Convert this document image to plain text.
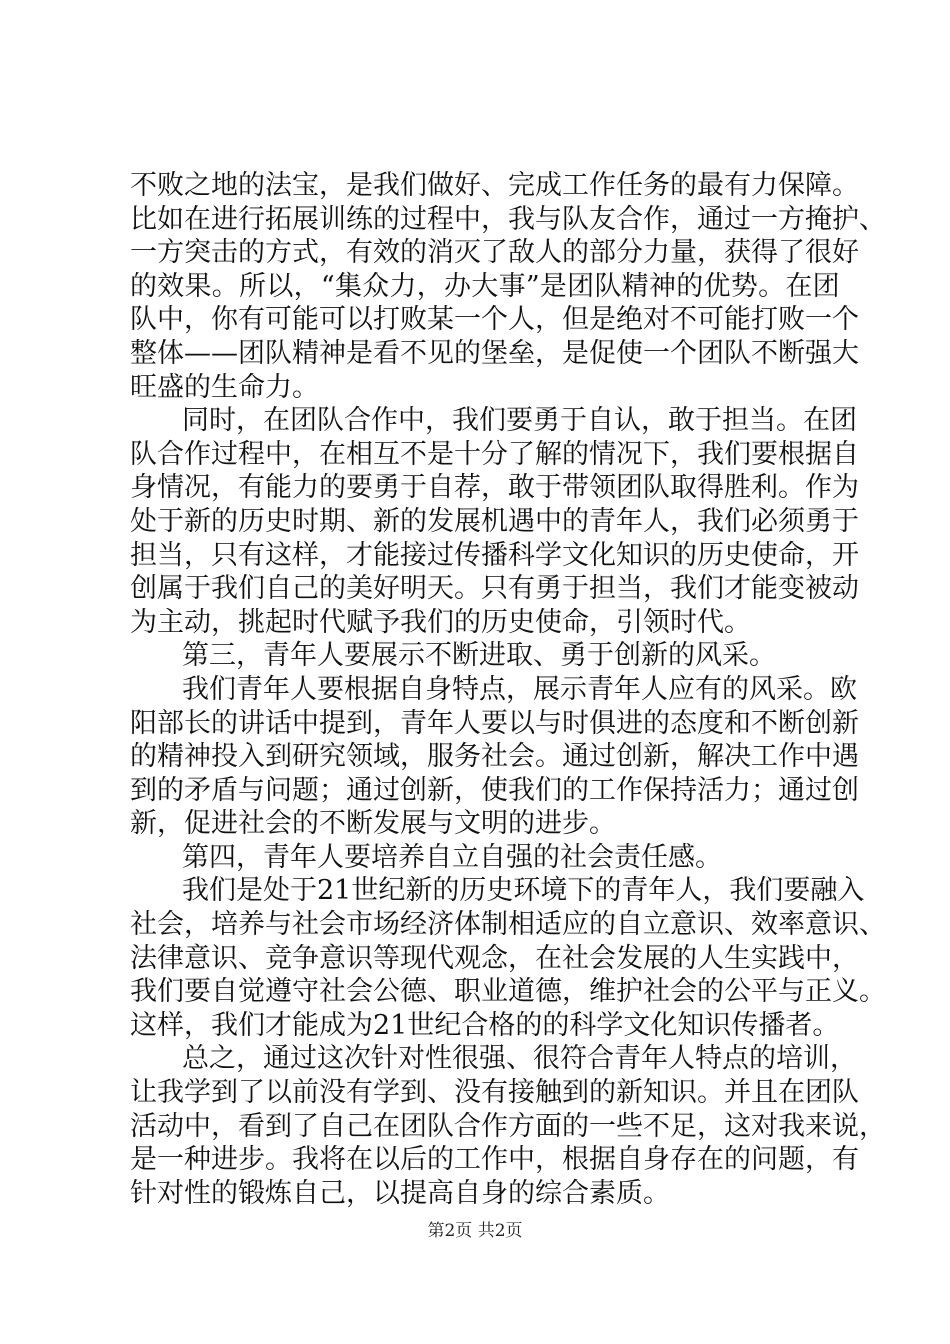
不败之地的法宝，是我们做好、完成工作任务的最有力保障。
比如在进行拓展训练的过程中，我与队友合作，通过一方掩护、
一方突击的方式，有效的消灭了敌人的部分力量，获得了很好
的效果。所以，“集众力，办大事”是团队精神的优势。在团
队中，你有可能可以打败某一个人，但是绝对不可能打败一个
整体——团队精神是看不见的堡垒，是促使一个团队不断强大
旺盛的生命力。
同时，在团队合作中，我们要勇于自认，敢于担当。在团
队合作过程中，在相互不是十分了解的情况下，我们要根据自
身情况，有能力的要勇于自荐，敢于带领团队取得胜利。作为
处于新的历史时期、新的发展机遇中的青年人，我们必须勇于
担当，只有这样，才能接过传播科学文化知识的历史使命，开
创属于我们自己的美好明天。只有勇于担当，我们才能变被动
为主动，挑起时代赋予我们的历史使命，引领时代。
第三，青年人要展示不断进取、勇于创新的风采。
我们青年人要根据自身特点，展示青年人应有的风采。欧
阳部长的讲话中提到，青年人要以与时俱进的态度和不断创新
的精神投入到研究领域，服务社会。通过创新，解决工作中遇
到的矛盾与问题；通过创新，使我们的工作保持活力；通过创
新，促进社会的不断发展与文明的进步。
第四，青年人要培养自立自强的社会责任感。
我们是处于21世纪新的历史环境下的青年人，我们要融入
社会，培养与社会市场经济体制相适应的自立意识、效率意识、
法律意识、竞争意识等现代观念，在社会发展的人生实践中，
我们要自觉遵守社会公德、职业道德，维护社会的公平与正义。
这样，我们才能成为21世纪合格的的科学文化知识传播者。
总之，通过这次针对性很强、很符合青年人特点的培训，
让我学到了以前没有学到、没有接触到的新知识。并且在团队
活动中，看到了自己在团队合作方面的一些不足，这对我来说，
是一种进步。我将在以后的工作中，根据自身存在的问题，有
针对性的锻炼自己，以提高自身的综合素质。
第2页 共2页
